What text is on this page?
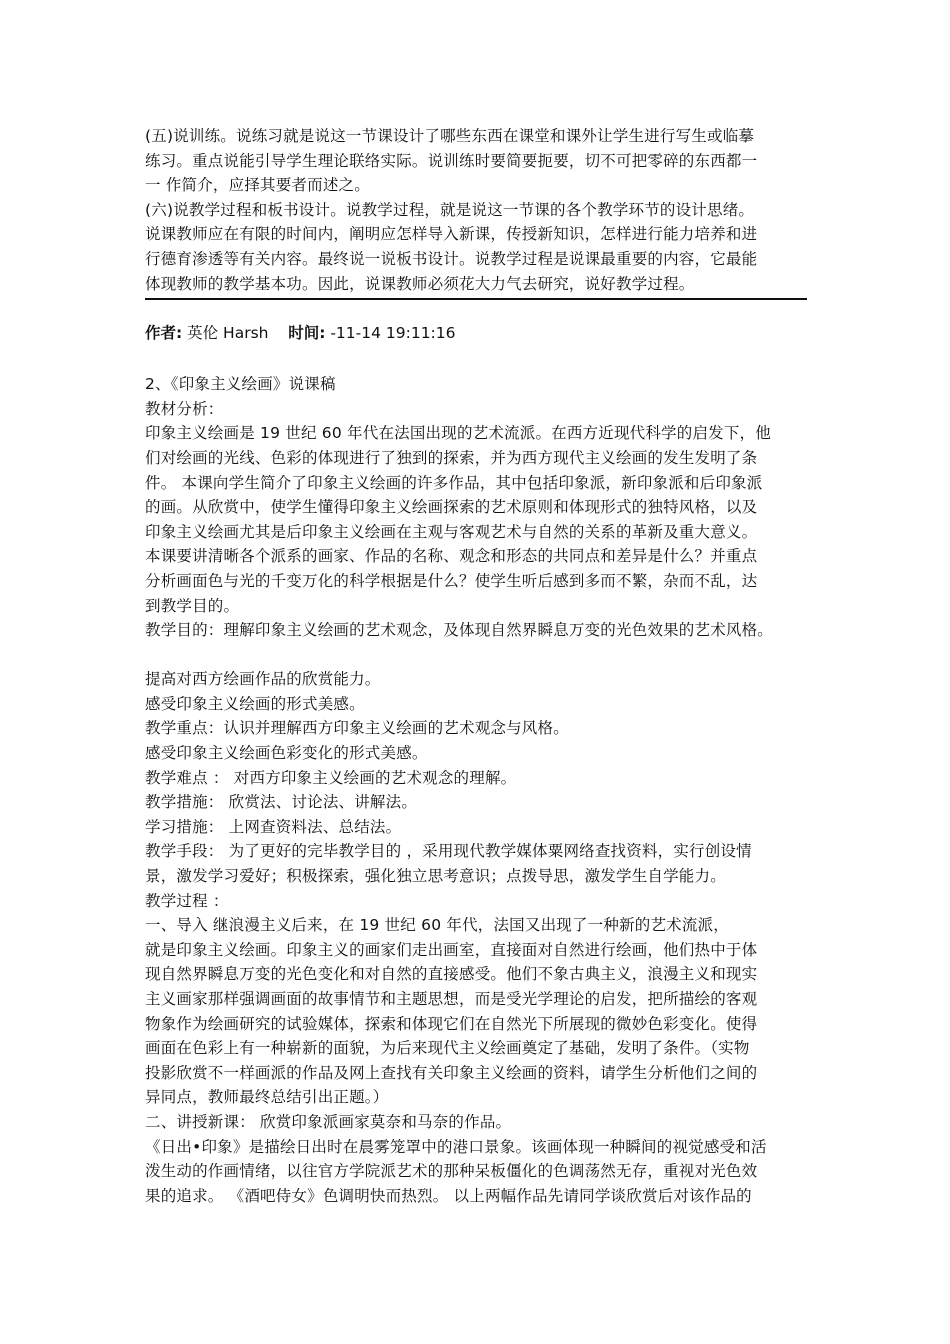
(五)说训练。说练习就是说这一节课设计了哪些东西在课堂和课外让学生进行写生或临摹
练习。重点说能引导学生理论联络实际。说训练时要简要扼要，切不可把零碎的东西都一
一 作简介，应择其要者而述之。
(六)说教学过程和板书设计。说教学过程，就是说这一节课的各个教学环节的设计思绪。
说课教师应在有限的时间内，阐明应怎样导入新课，传授新知识，怎样进行能力培养和进
行德育渗透等有关内容。最终说一说板书设计。说教学过程是说课最重要的内容，它最能
体现教师的教学基本功。因此，说课教师必须花大力气去研究，说好教学过程。
作者: 英伦 Harsh 时间: -11-14 19:11:16
2、《印象主义绘画》说课稿
教材分析：
印象主义绘画是 19 世纪 60 年代在法国出现的艺术流派。在西方近现代科学的启发下，他
们对绘画的光线、色彩的体现进行了独到的探索，并为西方现代主义绘画的发生发明了条
件。 本课向学生简介了印象主义绘画的许多作品，其中包括印象派，新印象派和后印象派
的画。从欣赏中，使学生懂得印象主义绘画探索的艺术原则和体现形式的独特风格，以及
印象主义绘画尤其是后印象主义绘画在主观与客观艺术与自然的关系的革新及重大意义。
本课要讲清晰各个派系的画家、作品的名称、观念和形态的共同点和差异是什么？并重点
分析画面色与光的千变万化的科学根据是什么？使学生听后感到多而不繁，杂而不乱，达
到教学目的。
教学目的：理解印象主义绘画的艺术观念，及体现自然界瞬息万变的光色效果的艺术风格。
提高对西方绘画作品的欣赏能力。
感受印象主义绘画的形式美感。
教学重点：认识并理解西方印象主义绘画的艺术观念与风格。
感受印象主义绘画色彩变化的形式美感。
教学难点 ： 对西方印象主义绘画的艺术观念的理解。
教学措施： 欣赏法、讨论法、讲解法。
学习措施： 上网查资料法、总结法。
教学手段： 为了更好的完毕教学目的 ，采用现代教学媒体粟网络查找资料，实行创设情
景，激发学习爱好；积极探索，强化独立思考意识；点拨导思，激发学生自学能力。
教学过程 ：
一、导入 继浪漫主义后来，在 19 世纪 60 年代，法国又出现了一种新的艺术流派，
就是印象主义绘画。印象主义的画家们走出画室，直接面对自然进行绘画，他们热中于体
现自然界瞬息万变的光色变化和对自然的直接感受。他们不象古典主义，浪漫主义和现实
主义画家那样强调画面的故事情节和主题思想，而是受光学理论的启发，把所描绘的客观
物象作为绘画研究的试验媒体，探索和体现它们在自然光下所展现的微妙色彩变化。使得
画面在色彩上有一种崭新的面貌，为后来现代主义绘画奠定了基础，发明了条件。（实物
投影欣赏不一样画派的作品及网上查找有关印象主义绘画的资料，请学生分析他们之间的
异同点，教师最终总结引出正题。）
二、讲授新课： 欣赏印象派画家莫奈和马奈的作品。
《日出•印象》是描绘日出时在晨雾笼罩中的港口景象。该画体现一种瞬间的视觉感受和活
泼生动的作画情绪，以往官方学院派艺术的那种呆板僵化的色调荡然无存，重视对光色效
果的追求。 《酒吧侍女》色调明快而热烈。 以上两幅作品先请同学谈欣赏后对该作品的
